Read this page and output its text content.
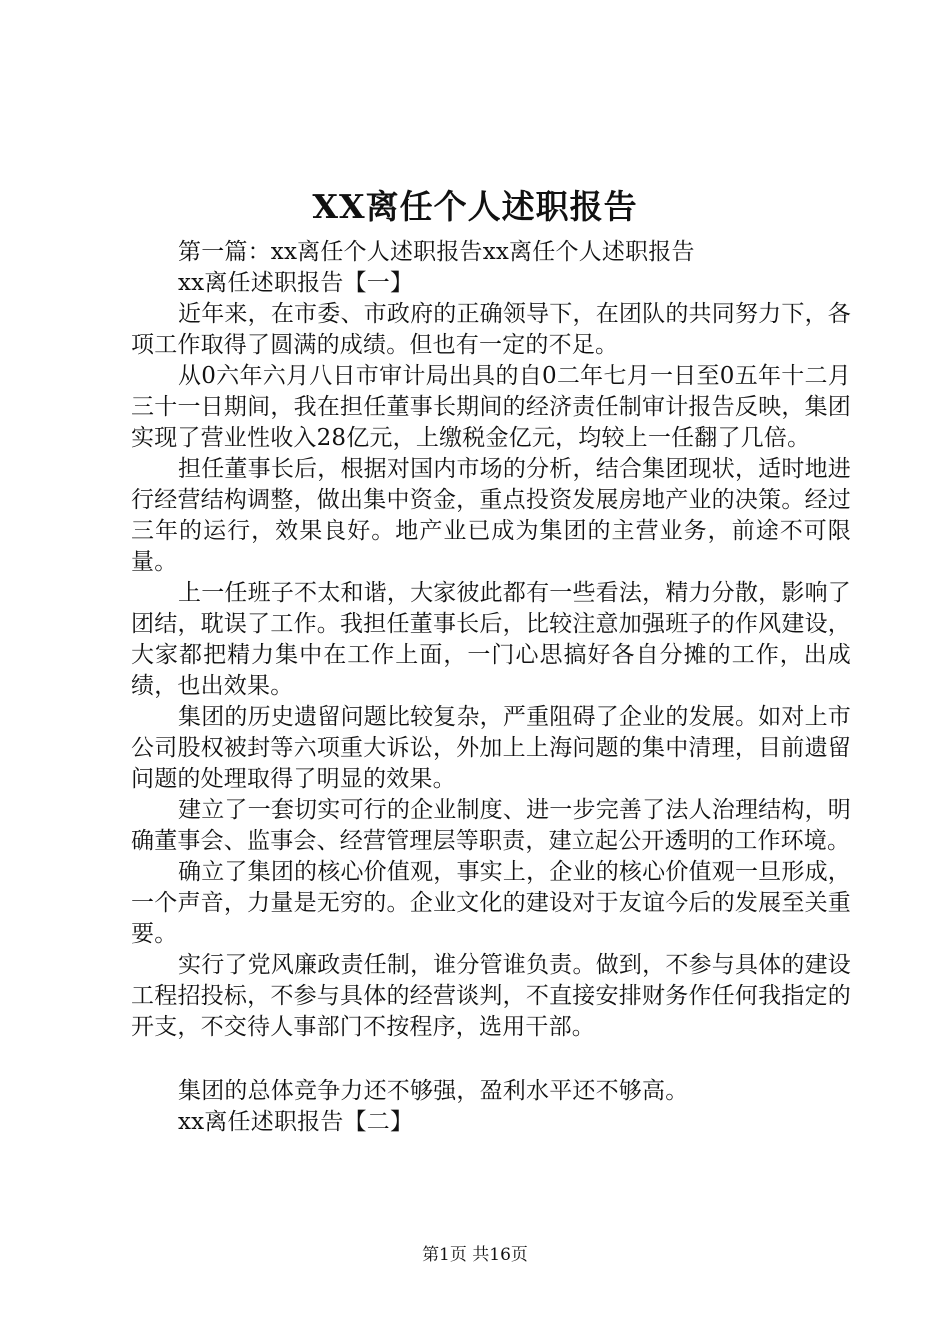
XX离任个人述职报告

第一篇：xx离任个人述职报告xx离任个人述职报告

xx离任述职报告【一】

近年来，在市委、市政府的正确领导下，在团队的共同努力下，各项工作取得了圆满的成绩。但也有一定的不足。

从0六年六月八日市审计局出具的自0二年七月一日至0五年十二月三十一日期间，我在担任董事长期间的经济责任制审计报告反映，集团实现了营业性收入28亿元，上缴税金亿元，均较上一任翻了几倍。

担任董事长后，根据对国内市场的分析，结合集团现状，适时地进行经营结构调整，做出集中资金，重点投资发展房地产业的决策。经过三年的运行，效果良好。地产业已成为集团的主营业务，前途不可限量。

上一任班子不太和谐，大家彼此都有一些看法，精力分散，影响了团结，耽误了工作。我担任董事长后，比较注意加强班子的作风建设，大家都把精力集中在工作上面，一门心思搞好各自分摊的工作，出成绩，也出效果。

集团的历史遗留问题比较复杂，严重阻碍了企业的发展。如对上市公司股权被封等六项重大诉讼，外加上上海问题的集中清理，目前遗留问题的处理取得了明显的效果。

建立了一套切实可行的企业制度、进一步完善了法人治理结构，明确董事会、监事会、经营管理层等职责，建立起公开透明的工作环境。

确立了集团的核心价值观，事实上，企业的核心价值观一旦形成，一个声音，力量是无穷的。企业文化的建设对于友谊今后的发展至关重要。

实行了党风廉政责任制，谁分管谁负责。做到，不参与具体的建设工程招投标，不参与具体的经营谈判，不直接安排财务作任何我指定的开支，不交待人事部门不按程序，选用干部。

集团的总体竞争力还不够强，盈利水平还不够高。

xx离任述职报告【二】

第1页 共16页
